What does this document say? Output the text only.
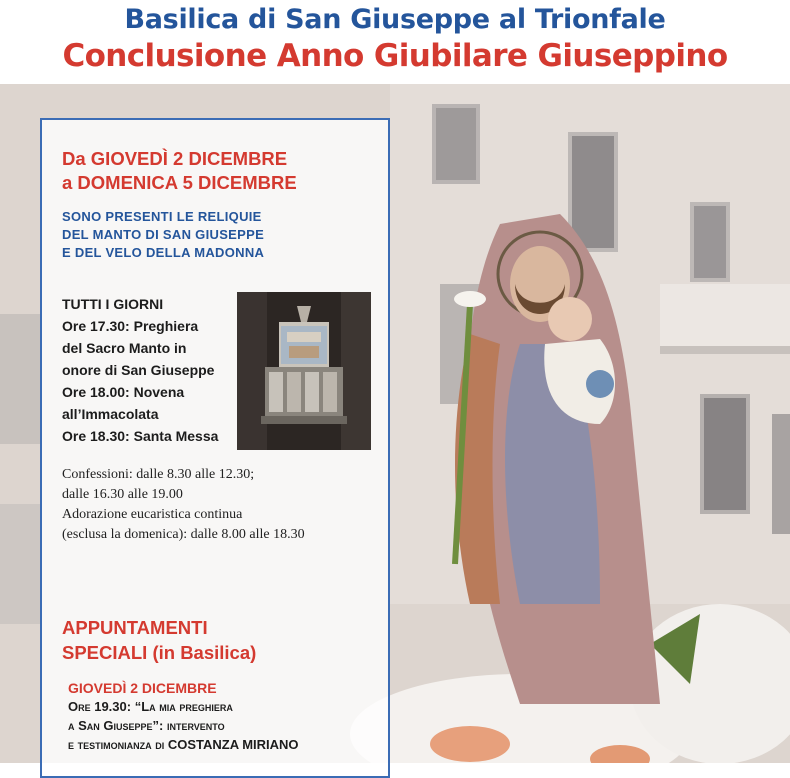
Basilica di San Giuseppe al Trionfale
Conclusione Anno Giubilare Giuseppino
Da GIOVEDÌ 2 DICEMBRE
a DOMENICA 5 DICEMBRE
SONO PRESENTI LE RELIQUIE
DEL MANTO DI SAN GIUSEPPE
E DEL VELO DELLA MADONNA
TUTTI I GIORNI
Ore 17.30: Preghiera
del Sacro Manto in
onore di San Giuseppe
Ore 18.00: Novena
all’Immacolata
Ore 18.30: Santa Messa
Confessioni: dalle 8.30 alle 12.30;
dalle 16.30 alle 19.00
Adorazione eucaristica continua
(esclusa la domenica): dalle 8.00 alle 18.30
APPUNTAMENTI
SPECIALI (in Basilica)
GIOVEDÌ 2 DICEMBRE
Ore 19.30: “La mia preghiera
a San Giuseppe”: intervento
e testimonianza di COSTANZA MIRIANO
